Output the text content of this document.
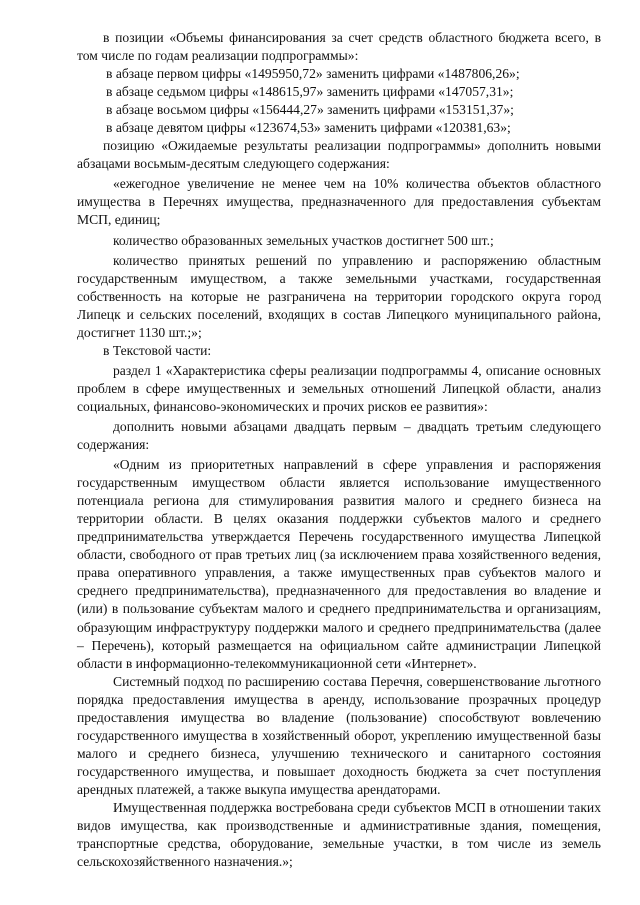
в позиции «Объемы финансирования за счет средств областного бюджета всего, в том числе по годам реализации подпрограммы»:

в абзаце первом цифры «1495950,72» заменить цифрами «1487806,26»;

в абзаце седьмом цифры «148615,97» заменить цифрами «147057,31»;

в абзаце восьмом цифры «156444,27» заменить цифрами «153151,37»;

в абзаце девятом цифры «123674,53» заменить цифрами «120381,63»;

позицию «Ожидаемые результаты реализации подпрограммы» дополнить новыми абзацами восьмым-десятым следующего содержания:

«ежегодное увеличение не менее чем на 10% количества объектов областного имущества в Перечнях имущества, предназначенного для предоставления субъектам МСП, единиц;

количество образованных земельных участков достигнет 500 шт.;

количество принятых решений по управлению и распоряжению областным государственным имуществом, а также земельными участками, государственная собственность на которые не разграничена на территории городского округа город Липецк и сельских поселений, входящих в состав Липецкого муниципального района, достигнет 1130 шт.;»;

в Текстовой части:

раздел 1 «Характеристика сферы реализации подпрограммы 4, описание основных проблем в сфере имущественных и земельных отношений Липецкой области, анализ социальных, финансово-экономических и прочих рисков ее развития»:

дополнить новыми абзацами двадцать первым – двадцать третьим следующего содержания:

«Одним из приоритетных направлений в сфере управления и распоряжения государственным имуществом области является использование имущественного потенциала региона для стимулирования развития малого и среднего бизнеса на территории области. В целях оказания поддержки субъектов малого и среднего предпринимательства утверждается Перечень государственного имущества Липецкой области, свободного от прав третьих лиц (за исключением права хозяйственного ведения, права оперативного управления, а также имущественных прав субъектов малого и среднего предпринимательства), предназначенного для предоставления во владение и (или) в пользование субъектам малого и среднего предпринимательства и организациям, образующим инфраструктуру поддержки малого и среднего предпринимательства (далее – Перечень), который размещается на официальном сайте администрации Липецкой области в информационно-телекоммуникационной сети «Интернет».

Системный подход по расширению состава Перечня, совершенствование льготного порядка предоставления имущества в аренду, использование прозрачных процедур предоставления имущества во владение (пользование) способствуют вовлечению государственного имущества в хозяйственный оборот, укреплению имущественной базы малого и среднего бизнеса, улучшению технического и санитарного состояния государственного имущества, и повышает доходность бюджета за счет поступления арендных платежей, а также выкупа имущества арендаторами.

Имущественная поддержка востребована среди субъектов МСП в отношении таких видов имущества, как производственные и административные здания, помещения, транспортные средства, оборудование, земельные участки, в том числе из земель сельскохозяйственного назначения.»;
